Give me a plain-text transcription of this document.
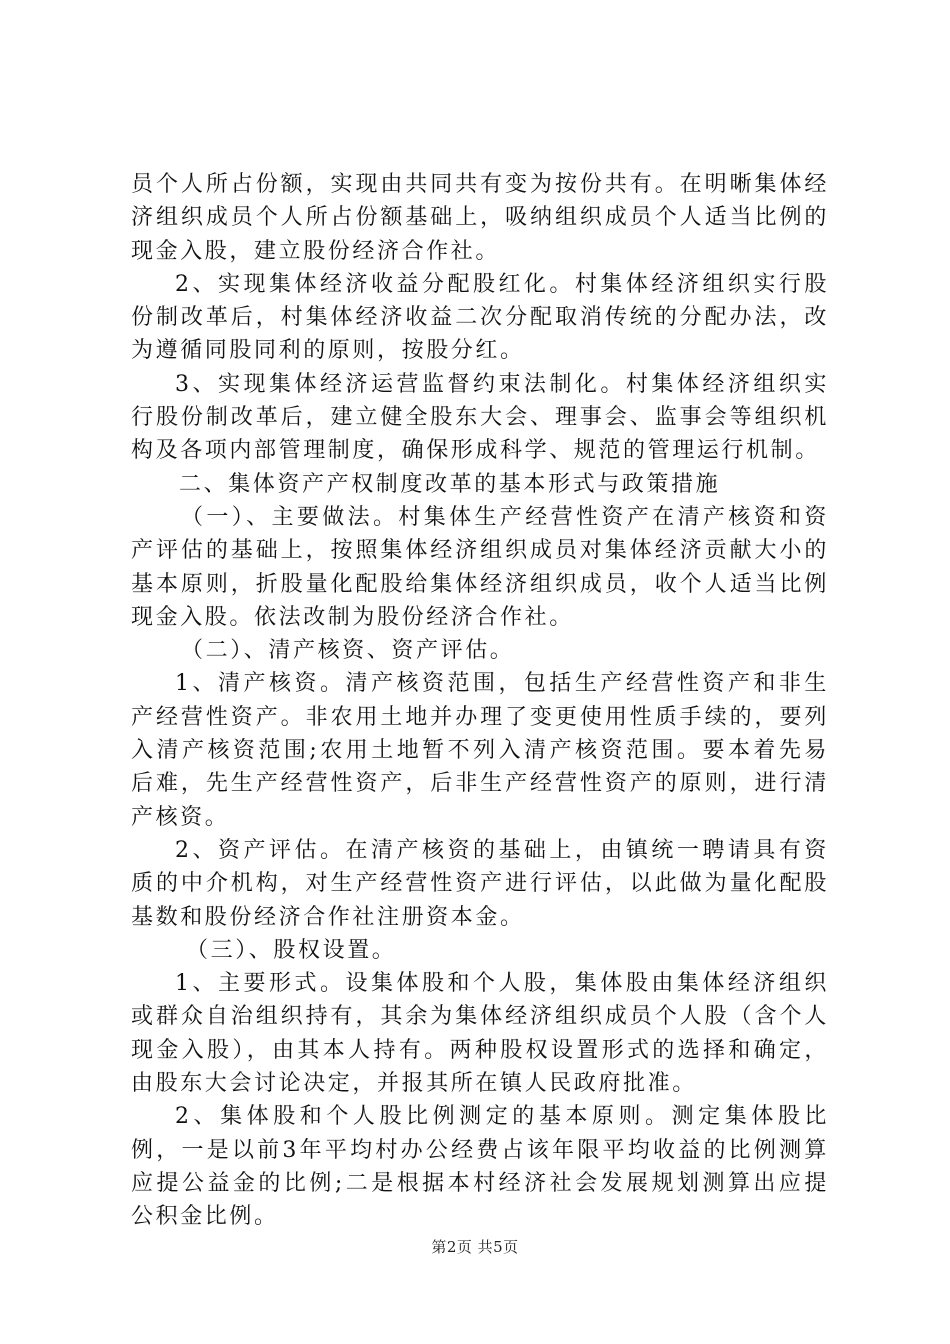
员个人所占份额，实现由共同共有变为按份共有。在明晰集体经济组织成员个人所占份额基础上，吸纳组织成员个人适当比例的现金入股，建立股份经济合作社。

2、实现集体经济收益分配股红化。村集体经济组织实行股份制改革后，村集体经济收益二次分配取消传统的分配办法，改为遵循同股同利的原则，按股分红。

3、实现集体经济运营监督约束法制化。村集体经济组织实行股份制改革后，建立健全股东大会、理事会、监事会等组织机构及各项内部管理制度，确保形成科学、规范的管理运行机制。

二、集体资产产权制度改革的基本形式与政策措施

（一）、主要做法。村集体生产经营性资产在清产核资和资产评估的基础上，按照集体经济组织成员对集体经济贡献大小的基本原则，折股量化配股给集体经济组织成员，收个人适当比例现金入股。依法改制为股份经济合作社。

（二）、清产核资、资产评估。

1、清产核资。清产核资范围，包括生产经营性资产和非生产经营性资产。非农用土地并办理了变更使用性质手续的，要列入清产核资范围;农用土地暂不列入清产核资范围。要本着先易后难，先生产经营性资产，后非生产经营性资产的原则，进行清产核资。

2、资产评估。在清产核资的基础上，由镇统一聘请具有资质的中介机构，对生产经营性资产进行评估，以此做为量化配股基数和股份经济合作社注册资本金。

（三）、股权设置。

1、主要形式。设集体股和个人股，集体股由集体经济组织或群众自治组织持有，其余为集体经济组织成员个人股（含个人现金入股），由其本人持有。两种股权设置形式的选择和确定，由股东大会讨论决定，并报其所在镇人民政府批准。

2、集体股和个人股比例测定的基本原则。测定集体股比例，一是以前3年平均村办公经费占该年限平均收益的比例测算应提公益金的比例;二是根据本村经济社会发展规划测算出应提公积金比例。

第2页 共5页
